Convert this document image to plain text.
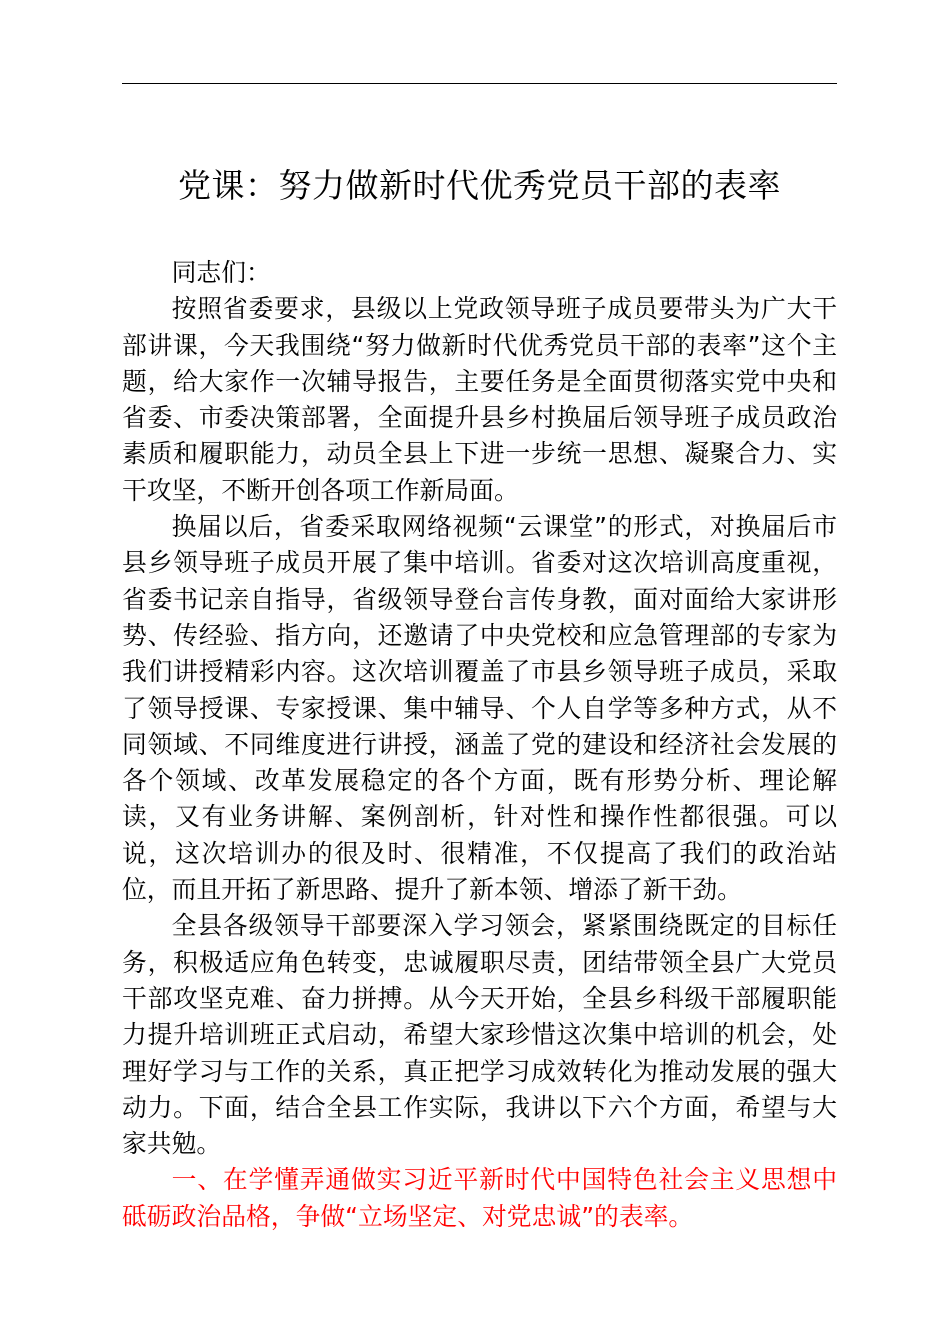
党课：努力做新时代优秀党员干部的表率

同志们：

按照省委要求，县级以上党政领导班子成员要带头为广大干部讲课，今天我围绕“努力做新时代优秀党员干部的表率”这个主题，给大家作一次辅导报告，主要任务是全面贯彻落实党中央和省委、市委决策部署，全面提升县乡村换届后领导班子成员政治素质和履职能力，动员全县上下进一步统一思想、凝聚合力、实干攻坚，不断开创各项工作新局面。

换届以后，省委采取网络视频“云课堂”的形式，对换届后市县乡领导班子成员开展了集中培训。省委对这次培训高度重视，省委书记亲自指导，省级领导登台言传身教，面对面给大家讲形势、传经验、指方向，还邀请了中央党校和应急管理部的专家为我们讲授精彩内容。这次培训覆盖了市县乡领导班子成员，采取了领导授课、专家授课、集中辅导、个人自学等多种方式，从不同领域、不同维度进行讲授，涵盖了党的建设和经济社会发展的各个领域、改革发展稳定的各个方面，既有形势分析、理论解读，又有业务讲解、案例剖析，针对性和操作性都很强。可以说，这次培训办的很及时、很精准，不仅提高了我们的政治站位，而且开拓了新思路、提升了新本领、增添了新干劲。

全县各级领导干部要深入学习领会，紧紧围绕既定的目标任务，积极适应角色转变，忠诚履职尽责，团结带领全县广大党员干部攻坚克难、奋力拼搏。从今天开始，全县乡科级干部履职能力提升培训班正式启动，希望大家珍惜这次集中培训的机会，处理好学习与工作的关系，真正把学习成效转化为推动发展的强大动力。下面，结合全县工作实际，我讲以下六个方面，希望与大家共勉。

一、在学懂弄通做实习近平新时代中国特色社会主义思想中砥砺政治品格，争做“立场坚定、对党忠诚”的表率。
